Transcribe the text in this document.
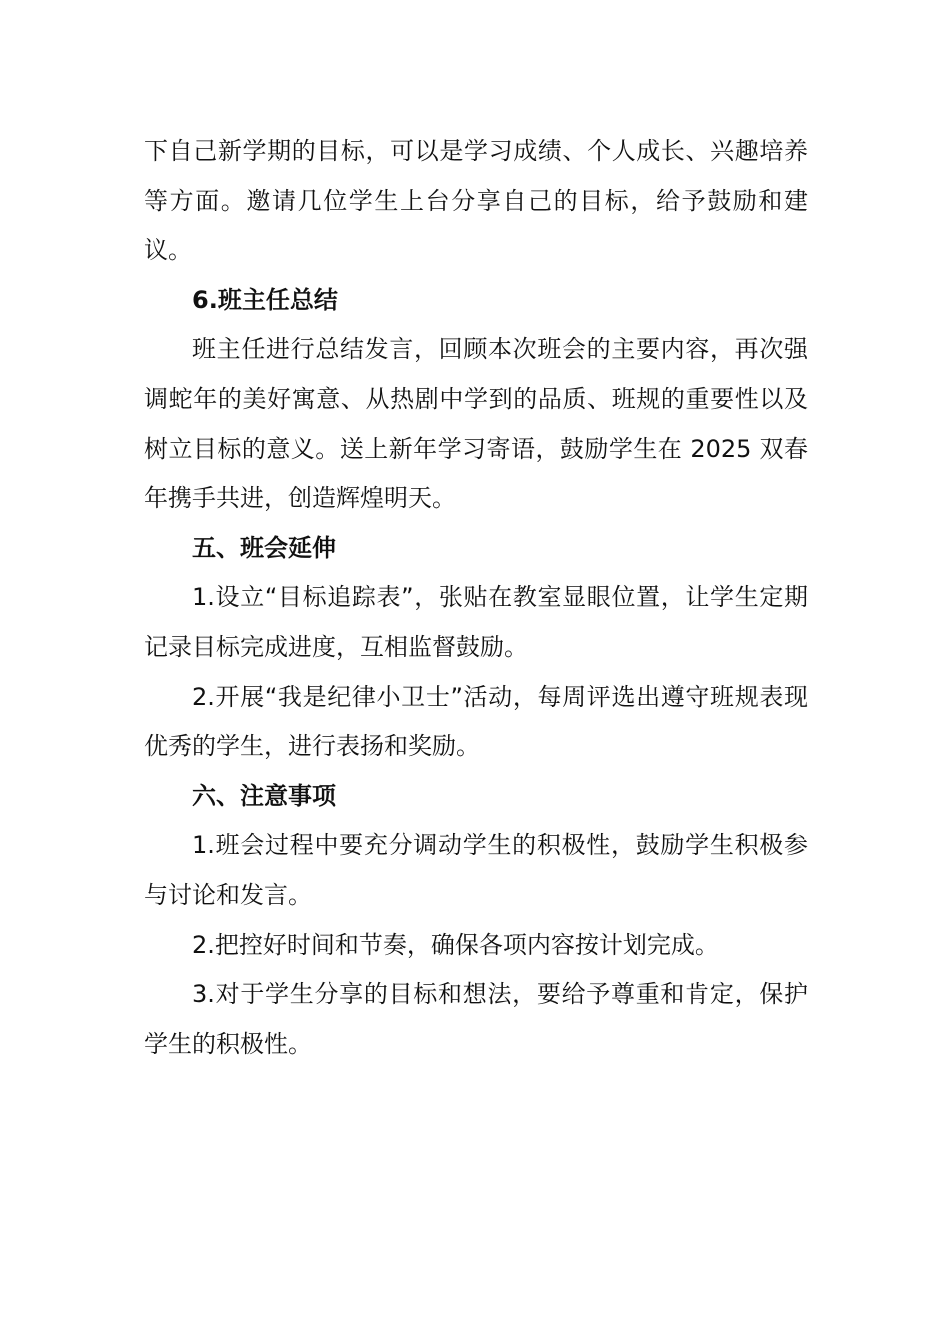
下自己新学期的目标，可以是学习成绩、个人成长、兴趣培养等方面。邀请几位学生上台分享自己的目标，给予鼓励和建议。

6.班主任总结

班主任进行总结发言，回顾本次班会的主要内容，再次强调蛇年的美好寓意、从热剧中学到的品质、班规的重要性以及树立目标的意义。送上新年学习寄语，鼓励学生在 2025 双春年携手共进，创造辉煌明天。

五、班会延伸

1.设立“目标追踪表”，张贴在教室显眼位置，让学生定期记录目标完成进度，互相监督鼓励。

2.开展“我是纪律小卫士”活动，每周评选出遵守班规表现优秀的学生，进行表扬和奖励。

六、注意事项

1.班会过程中要充分调动学生的积极性，鼓励学生积极参与讨论和发言。

2.把控好时间和节奏，确保各项内容按计划完成。

3.对于学生分享的目标和想法，要给予尊重和肯定，保护学生的积极性。
